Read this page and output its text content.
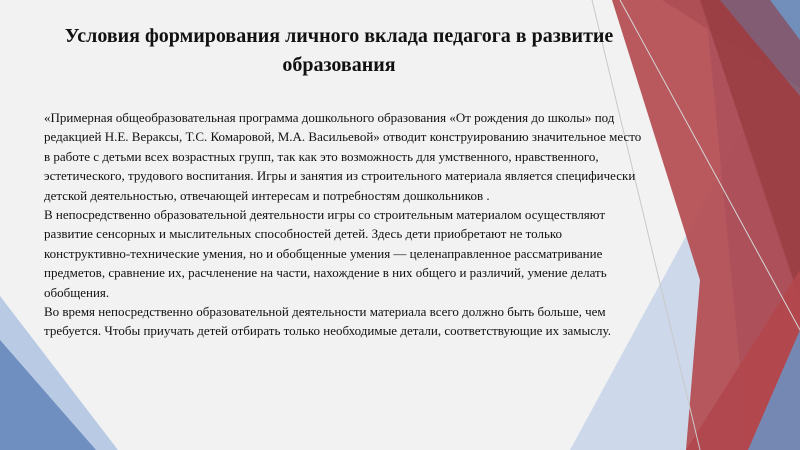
Условия формирования личного вклада педагога в развитие образования

«Примерная общеобразовательная программа дошкольного образования «От рождения до школы» под редакцией Н.Е. Вераксы, Т.С. Комаровой, М.А. Васильевой» отводит конструированию значительное место в работе с детьми всех возрастных групп, так как это возможность для умственного, нравственного, эстетического, трудового воспитания. Игры и занятия из строительного материала является специфически детской деятельностью, отвечающей интересам и потребностям дошкольников .

В непосредственно образовательной деятельности игры со строительным материалом осуществляют развитие сенсорных и мыслительных способностей детей. Здесь дети приобретают не только конструктивно-технические умения, но и обобщенные умения — целенаправленное рассматривание предметов, сравнение их, расчленение на части, нахождение в них общего и различий, умение делать обобщения.

Во время непосредственно образовательной деятельности материала всего должно быть больше, чем требуется. Чтобы приучать детей отбирать только необходимые детали, соответствующие их замыслу.
